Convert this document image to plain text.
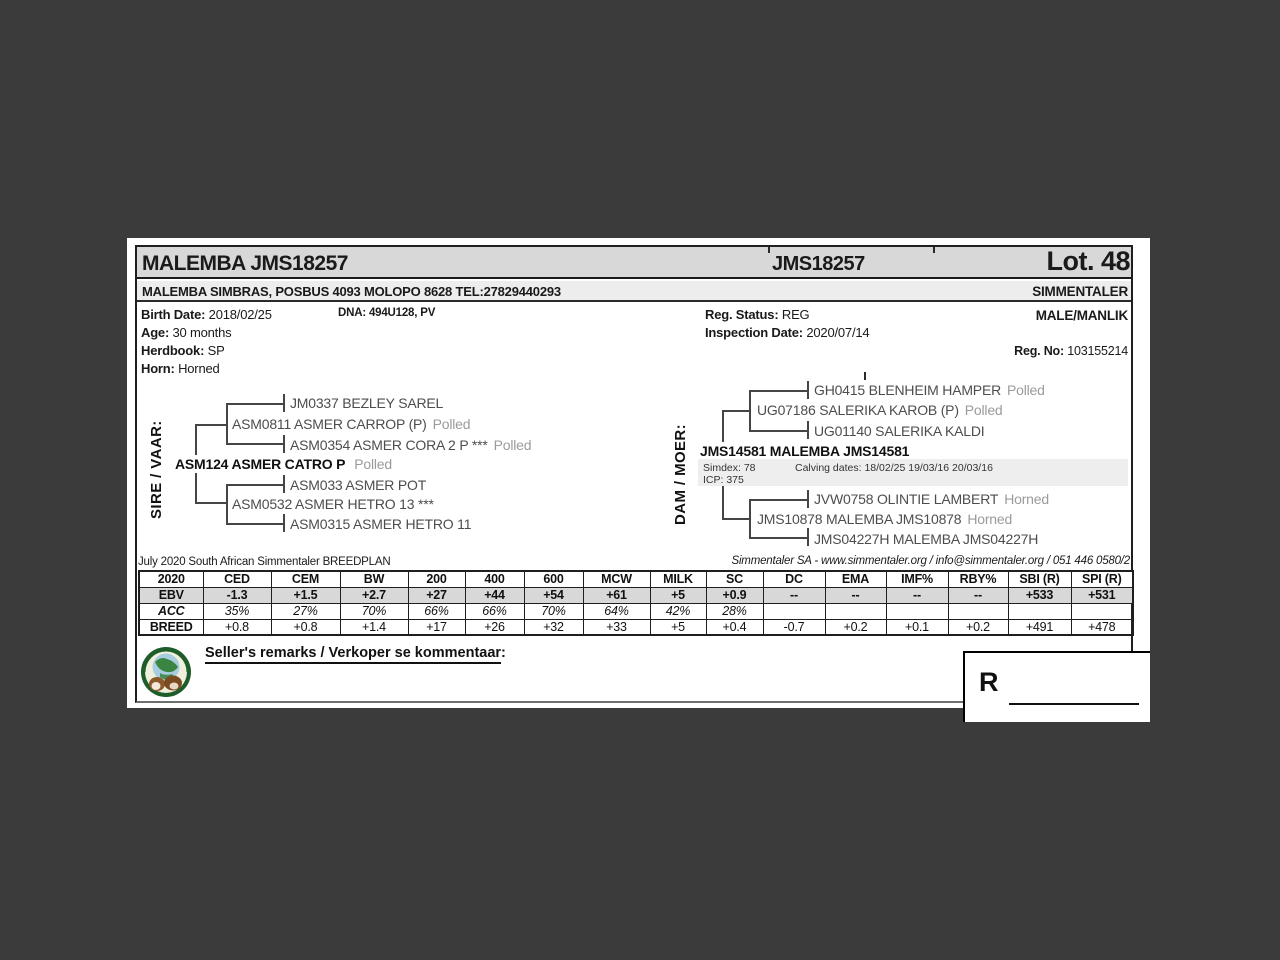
MALEMBA JMS18257	JMS18257	Lot. 48
MALEMBA SIMBRAS, POSBUS 4093 MOLOPO 8628 TEL:27829440293	SIMMENTALER
Birth Date: 2018/02/25	DNA: 494U128, PV
Age: 30 months
Herdbook: SP
Horn: Horned
Reg. Status: REG
Inspection Date: 2020/07/14
MALE/MANLIK
Reg. No: 103155214
SIRE / VAAR:
JM0337 BEZLEY SAREL
ASM0811 ASMER CARROP (P) Polled
ASM0354 ASMER CORA 2 P *** Polled
ASM124 ASMER CATRO P Polled
ASM033 ASMER POT
ASM0532 ASMER HETRO 13 ***
ASM0315 ASMER HETRO 11	DAM / MOER:
GH0415 BLENHEIM HAMPER Polled
UG07186 SALERIKA KAROB (P) Polled
UG01140 SALERIKA KALDI
JMS14581 MALEMBA JMS14581
Simdex: 78	Calving dates: 18/02/25 19/03/16 20/03/16
ICP: 375
JVW0758 OLINTIE LAMBERT Horned
JMS10878 MALEMBA JMS10878 Horned
JMS04227H MALEMBA JMS04227H
July 2020 South African Simmentaler BREEDPLAN	Simmentaler SA - www.simmentaler.org / info@simmentaler.org / 051 446 0580/2
2020	CED	CEM	BW	200	400	600	MCW	MILK	SC	DC	EMA	IMF%	RBY%	SBI (R)	SPI (R)
EBV	-1.3	+1.5	+2.7	+27	+44	+54	+61	+5	+0.9	--	--	--	--	+533	+531
ACC	35%	27%	70%	66%	66%	70%	64%	42%	28%						
BREED	+0.8	+0.8	+1.4	+17	+26	+32	+33	+5	+0.4	-0.7	+0.2	+0.1	+0.2	+491	+478
Seller's remarks / Verkoper se kommentaar:
R
